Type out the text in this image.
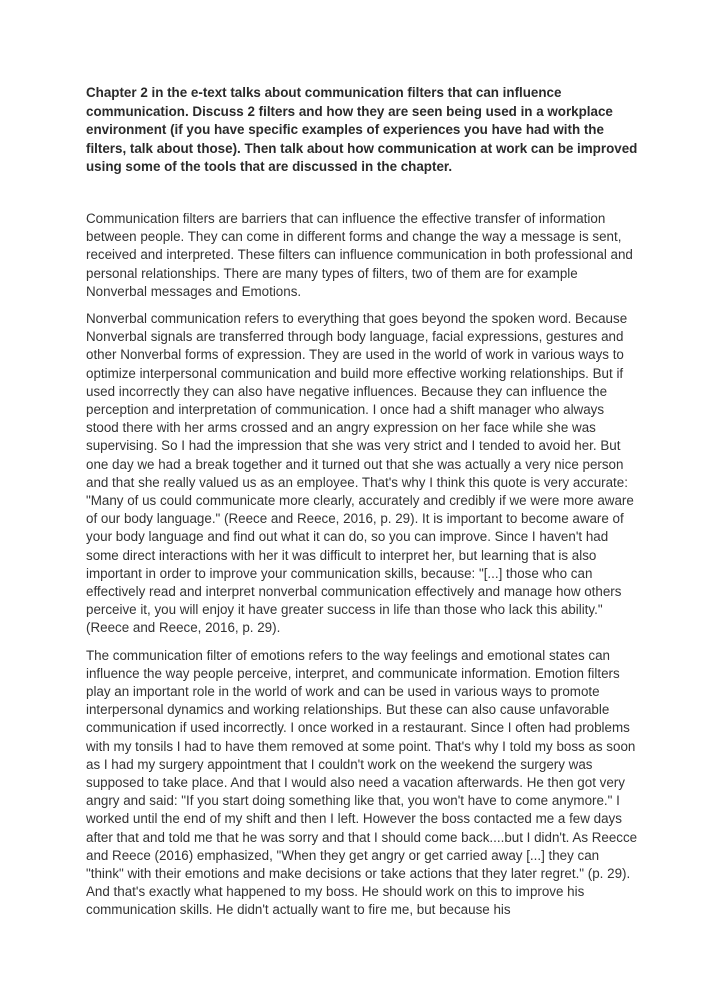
Chapter 2 in the e-text talks about communication filters that can influence communication. Discuss 2 filters and how they are seen being used in a workplace environment (if you have specific examples of experiences you have had with the filters, talk about those). Then talk about how communication at work can be improved using some of the tools that are discussed in the chapter.

Communication filters are barriers that can influence the effective transfer of information between people. They can come in different forms and change the way a message is sent, received and interpreted. These filters can influence communication in both professional and personal relationships. There are many types of filters, two of them are for example Nonverbal messages and Emotions.

Nonverbal communication refers to everything that goes beyond the spoken word. Because Nonverbal signals are transferred through body language, facial expressions, gestures and other Nonverbal forms of expression. They are used in the world of work in various ways to optimize interpersonal communication and build more effective working relationships. But if used incorrectly they can also have negative influences. Because they can influence the perception and interpretation of communication. I once had a shift manager who always stood there with her arms crossed and an angry expression on her face while she was supervising. So I had the impression that she was very strict and I tended to avoid her. But one day we had a break together and it turned out that she was actually a very nice person and that she really valued us as an employee. That's why I think this quote is very accurate: "Many of us could communicate more clearly, accurately and credibly if we were more aware of our body language." (Reece and Reece, 2016, p. 29). It is important to become aware of your body language and find out what it can do, so you can improve. Since I haven't had some direct interactions with her it was difficult to interpret her, but learning that is also important in order to improve your communication skills, because: "[...] those who can effectively read and interpret nonverbal communication effectively and manage how others perceive it, you will enjoy it have greater success in life than those who lack this ability." (Reece and Reece, 2016, p. 29).

The communication filter of emotions refers to the way feelings and emotional states can influence the way people perceive, interpret, and communicate information. Emotion filters play an important role in the world of work and can be used in various ways to promote interpersonal dynamics and working relationships. But these can also cause unfavorable communication if used incorrectly. I once worked in a restaurant. Since I often had problems with my tonsils I had to have them removed at some point. That's why I told my boss as soon as I had my surgery appointment that I couldn't work on the weekend the surgery was supposed to take place. And that I would also need a vacation afterwards. He then got very angry and said: "If you start doing something like that, you won't have to come anymore." I worked until the end of my shift and then I left. However the boss contacted me a few days after that and told me that he was sorry and that I should come back....but I didn't. As Reecce and Reece (2016) emphasized, "When they get angry or get carried away [...] they can "think" with their emotions and make decisions or take actions that they later regret." (p. 29). And that's exactly what happened to my boss. He should work on this to improve his communication skills. He didn't actually want to fire me, but because his
